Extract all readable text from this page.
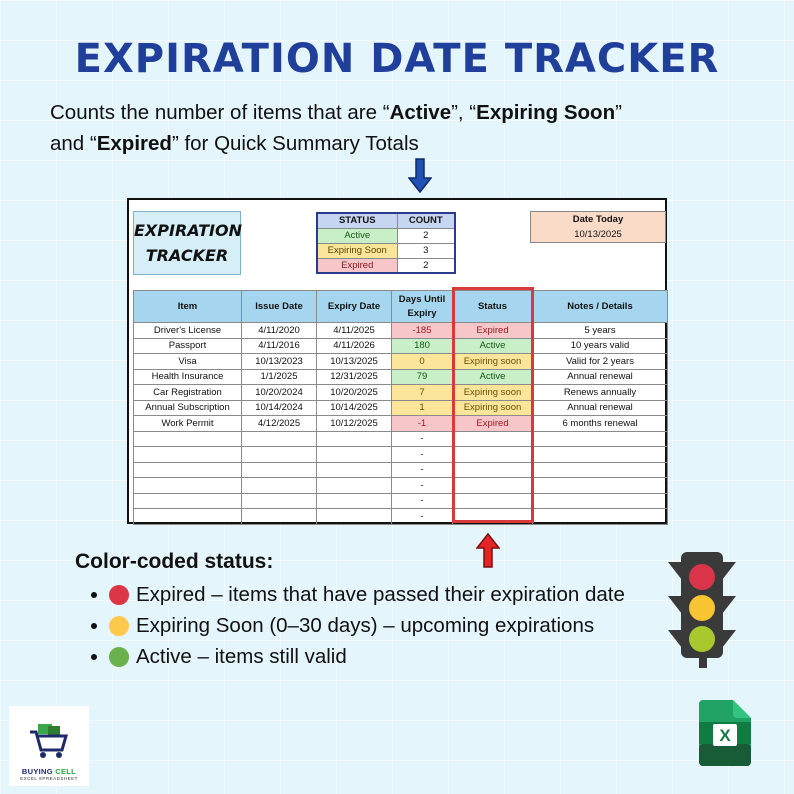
EXPIRATION DATE TRACKER
Counts the number of items that are “Active”, “Expiring Soon” and “Expired” for Quick Summary Totals
EXPIRATION
TRACKER
STATUS	COUNT
Active	2
Expiring Soon	3
Expired	2
Date Today
10/13/2025
Item	Issue Date	Expiry Date	Days Until Expiry	Status	Notes / Details
Driver's License	4/11/2020	4/11/2025	-185	Expired	5 years
Passport	4/11/2016	4/11/2026	180	Active	10 years valid
Visa	10/13/2023	10/13/2025	0	Expiring soon	Valid for 2 years
Health Insurance	1/1/2025	12/31/2025	79	Active	Annual renewal
Car Registration	10/20/2024	10/20/2025	7	Expiring soon	Renews annually
Annual Subscription	10/14/2024	10/14/2025	1	Expiring soon	Annual renewal
Work Permit	4/12/2025	10/12/2025	-1	Expired	6 months renewal
			-		
			-		
			-		
			-		
			-		
			-		
Color-coded status:
Expired – items that have passed their expiration date
Expiring Soon (0–30 days) – upcoming expirations
Active – items still valid
BUYING CELL
EXCEL SPREADSHEET
X
